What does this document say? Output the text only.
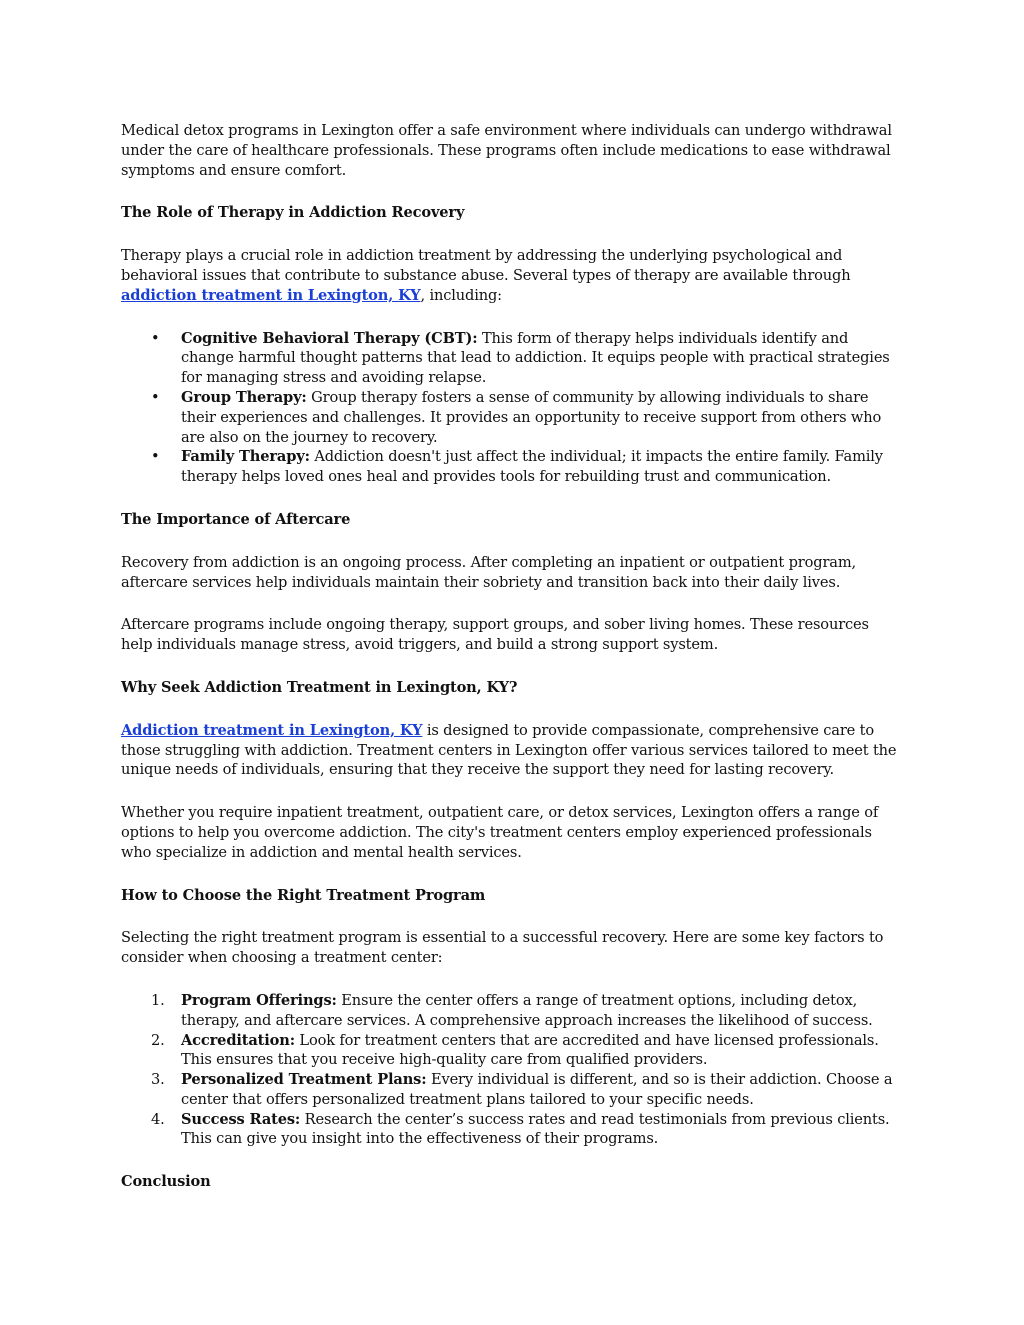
Medical detox programs in Lexington offer a safe environment where individuals can undergo withdrawal under the care of healthcare professionals. These programs often include medications to ease withdrawal symptoms and ensure comfort.

The Role of Therapy in Addiction Recovery

Therapy plays a crucial role in addiction treatment by addressing the underlying psychological and behavioral issues that contribute to substance abuse. Several types of therapy are available through addiction treatment in Lexington, KY, including:

• Cognitive Behavioral Therapy (CBT): This form of therapy helps individuals identify and change harmful thought patterns that lead to addiction. It equips people with practical strategies for managing stress and avoiding relapse.
• Group Therapy: Group therapy fosters a sense of community by allowing individuals to share their experiences and challenges. It provides an opportunity to receive support from others who are also on the journey to recovery.
• Family Therapy: Addiction doesn't just affect the individual; it impacts the entire family. Family therapy helps loved ones heal and provides tools for rebuilding trust and communication.

The Importance of Aftercare

Recovery from addiction is an ongoing process. After completing an inpatient or outpatient program, aftercare services help individuals maintain their sobriety and transition back into their daily lives.

Aftercare programs include ongoing therapy, support groups, and sober living homes. These resources help individuals manage stress, avoid triggers, and build a strong support system.

Why Seek Addiction Treatment in Lexington, KY?

Addiction treatment in Lexington, KY is designed to provide compassionate, comprehensive care to those struggling with addiction. Treatment centers in Lexington offer various services tailored to meet the unique needs of individuals, ensuring that they receive the support they need for lasting recovery.

Whether you require inpatient treatment, outpatient care, or detox services, Lexington offers a range of options to help you overcome addiction. The city's treatment centers employ experienced professionals who specialize in addiction and mental health services.

How to Choose the Right Treatment Program

Selecting the right treatment program is essential to a successful recovery. Here are some key factors to consider when choosing a treatment center:

1. Program Offerings: Ensure the center offers a range of treatment options, including detox, therapy, and aftercare services. A comprehensive approach increases the likelihood of success.
2. Accreditation: Look for treatment centers that are accredited and have licensed professionals. This ensures that you receive high-quality care from qualified providers.
3. Personalized Treatment Plans: Every individual is different, and so is their addiction. Choose a center that offers personalized treatment plans tailored to your specific needs.
4. Success Rates: Research the center’s success rates and read testimonials from previous clients. This can give you insight into the effectiveness of their programs.

Conclusion
